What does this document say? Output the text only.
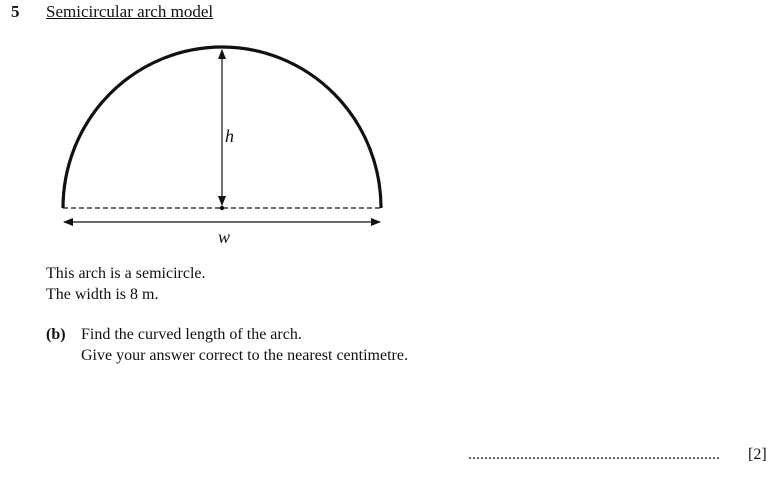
5 Semicircular arch model
h
w
This arch is a semicircle.
The width is 8 m.
(b) Find the curved length of the arch.
Give your answer correct to the nearest centimetre.
............................................................... [2]
